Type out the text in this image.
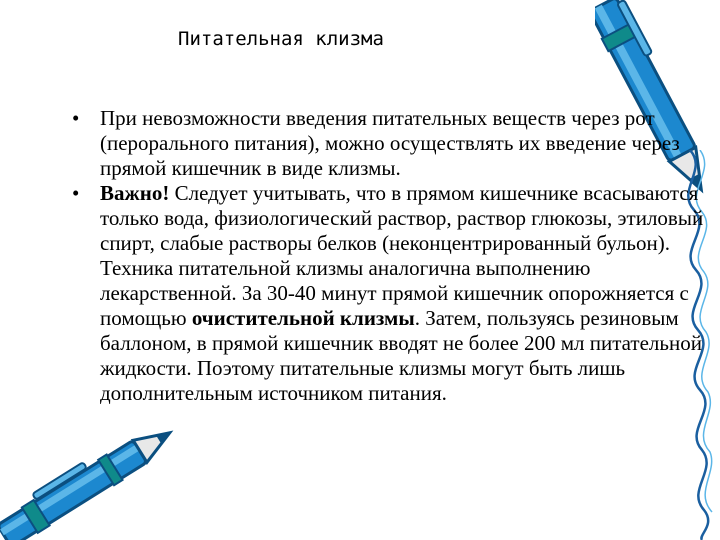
Питательная клизма
• При невозможности введения питательных веществ через рот (перорального питания), можно осуществлять их введение через прямой кишечник в виде клизмы.
• Важно! Следует учитывать, что в прямом кишечнике всасываются только вода, физиологический раствор, раствор глюкозы, этиловый спирт, слабые растворы белков (неконцентрированный бульон). Техника питательной клизмы аналогична выполнению лекарственной. За 30-40 минут прямой кишечник опорожняется с помощью очистительной клизмы. Затем, пользуясь резиновым баллоном, в прямой кишечник вводят не более 200 мл питательной жидкости. Поэтому питательные клизмы могут быть лишь дополнительным источником питания.
